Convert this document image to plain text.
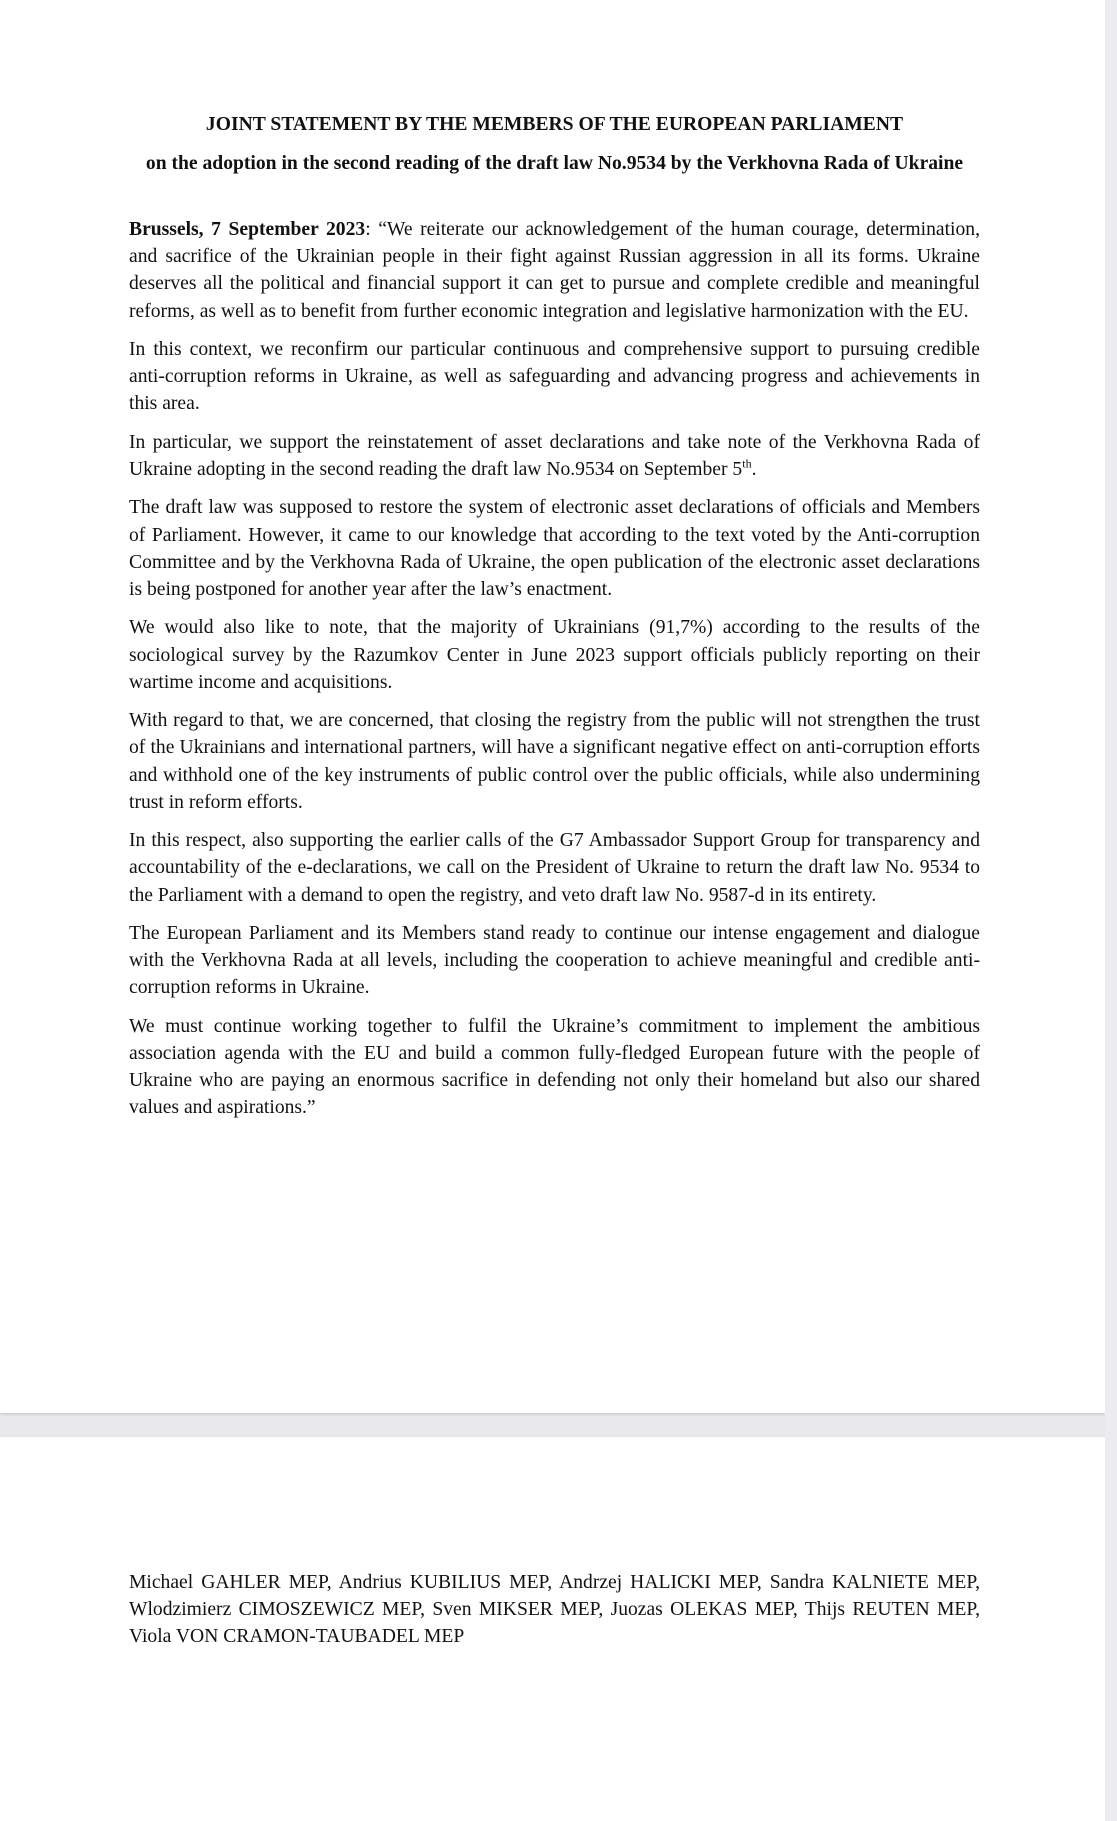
JOINT STATEMENT BY THE MEMBERS OF THE EUROPEAN PARLIAMENT

on the adoption in the second reading of the draft law No.9534 by the Verkhovna Rada of Ukraine

Brussels, 7 September 2023: “We reiterate our acknowledgement of the human courage, determination, and sacrifice of the Ukrainian people in their fight against Russian aggression in all its forms. Ukraine deserves all the political and financial support it can get to pursue and complete credible and meaningful reforms, as well as to benefit from further economic integration and legislative harmonization with the EU.

In this context, we reconfirm our particular continuous and comprehensive support to pursuing credible anti-corruption reforms in Ukraine, as well as safeguarding and advancing progress and achievements in this area.

In particular, we support the reinstatement of asset declarations and take note of the Verkhovna Rada of Ukraine adopting in the second reading the draft law No.9534 on September 5th.

The draft law was supposed to restore the system of electronic asset declarations of officials and Members of Parliament. However, it came to our knowledge that according to the text voted by the Anti-corruption Committee and by the Verkhovna Rada of Ukraine, the open publication of the electronic asset declarations is being postponed for another year after the law’s enactment.

We would also like to note, that the majority of Ukrainians (91,7%) according to the results of the sociological survey by the Razumkov Center in June 2023 support officials publicly reporting on their wartime income and acquisitions.

With regard to that, we are concerned, that closing the registry from the public will not strengthen the trust of the Ukrainians and international partners, will have a significant negative effect on anti-corruption efforts and withhold one of the key instruments of public control over the public officials, while also undermining trust in reform efforts.

In this respect, also supporting the earlier calls of the G7 Ambassador Support Group for transparency and accountability of the e-declarations, we call on the President of Ukraine to return the draft law No. 9534 to the Parliament with a demand to open the registry, and veto draft law No. 9587-d in its entirety.

The European Parliament and its Members stand ready to continue our intense engagement and dialogue with the Verkhovna Rada at all levels, including the cooperation to achieve meaningful and credible anti-corruption reforms in Ukraine.

We must continue working together to fulfil the Ukraine’s commitment to implement the ambitious association agenda with the EU and build a common fully-fledged European future with the people of Ukraine who are paying an enormous sacrifice in defending not only their homeland but also our shared values and aspirations.”

Michael GAHLER MEP, Andrius KUBILIUS MEP, Andrzej HALICKI MEP, Sandra KALNIETE MEP, Wlodzimierz CIMOSZEWICZ MEP, Sven MIKSER MEP, Juozas OLEKAS MEP, Thijs REUTEN MEP, Viola VON CRAMON-TAUBADEL MEP
